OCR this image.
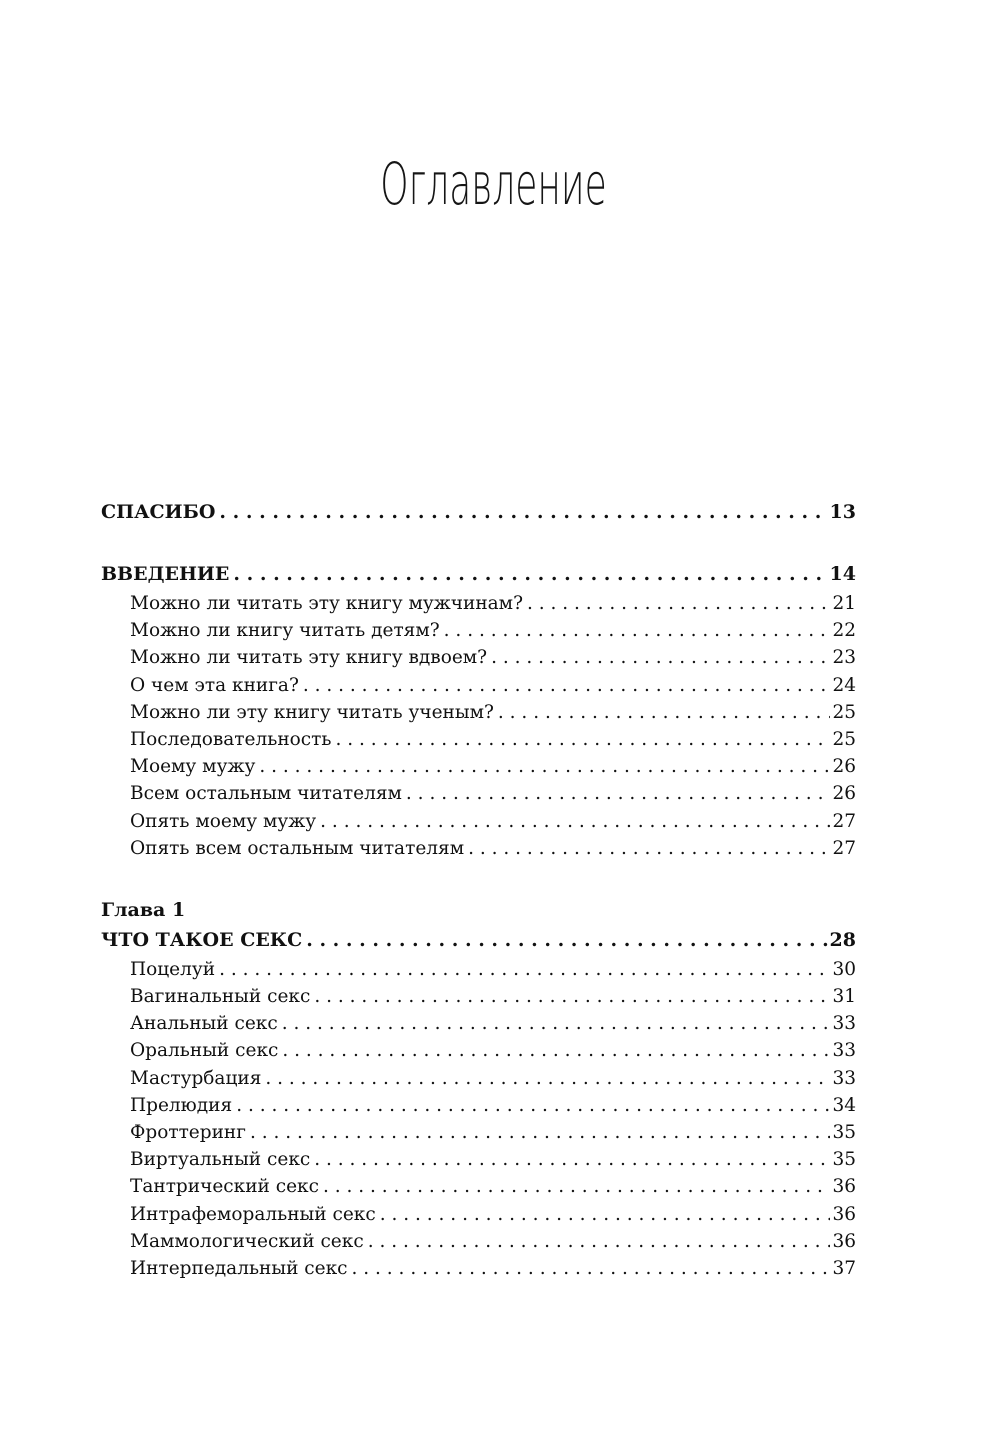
Оглавление
СПАСИБО . . .	13
ВВЕДЕНИЕ . . .	14
Можно ли читать эту книгу мужчинам? . . .	21
Можно ли книгу читать детям? . . .	22
Можно ли читать эту книгу вдвоем? . . .	23
О чем эта книга? . . .	24
Можно ли эту книгу читать ученым? . . .	25
Последовательность . . .	25
Моему мужу . . .	26
Всем остальным читателям . . .	26
Опять моему мужу . . .	27
Опять всем остальным читателям . . .	27
Глава 1
ЧТО ТАКОЕ СЕКС . . .	28
Поцелуй . . .	30
Вагинальный секс . . .	31
Анальный секс . . .	33
Оральный секс . . .	33
Мастурбация . . .	33
Прелюдия . . .	34
Фроттеринг . . .	35
Виртуальный секс . . .	35
Тантрический секс . . .	36
Интрафеморальный секс . . .	36
Маммологический секс . . .	36
Интерпедальный секс . . .	37
